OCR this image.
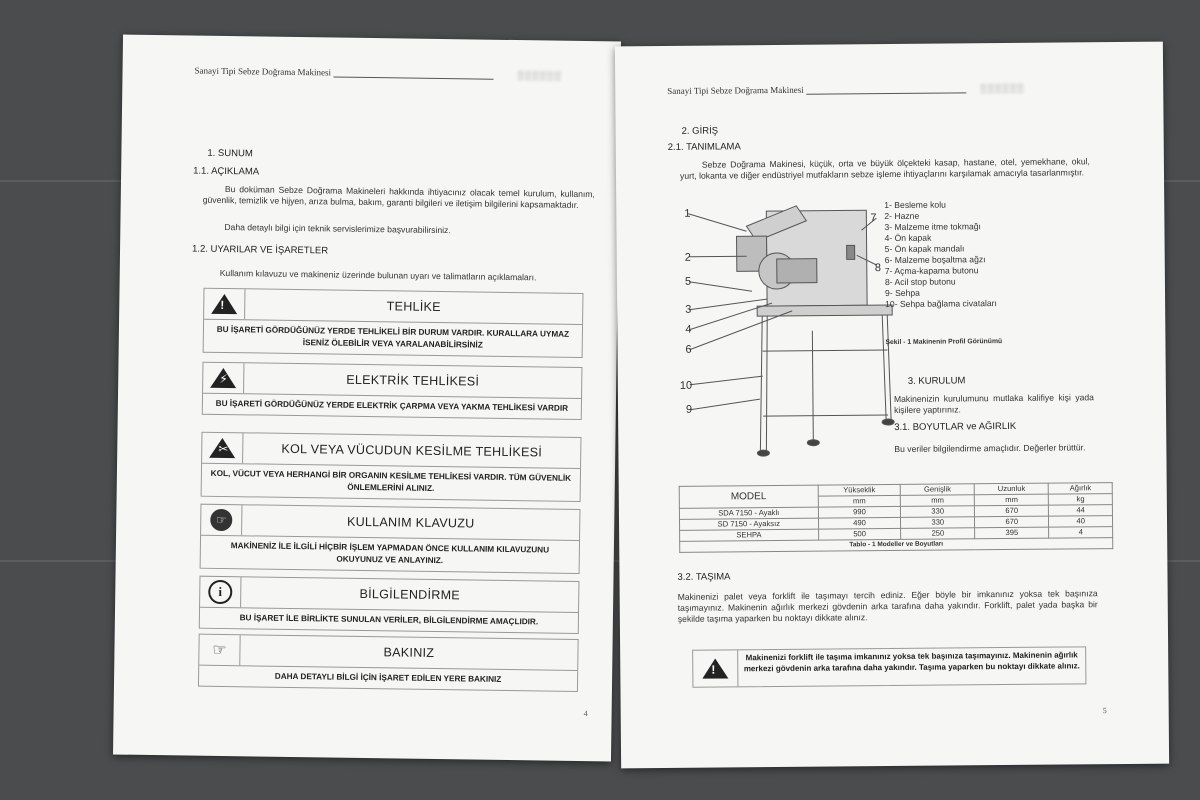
Sanayi Tipi Sebze Doğrama Makinesi	▒▒▒▒▒▒
1. SUNUM
1.1. AÇIKLAMA
Bu doküman Sebze Doğrama Makineleri hakkında ihtiyacınız olacak temel kurulum, kullanım, güvenlik, temizlik ve hijyen, arıza bulma, bakım, garanti bilgileri ve iletişim bilgilerini kapsamaktadır.
Daha detaylı bilgi için teknik servislerimize başvurabilirsiniz.
1.2. UYARILAR VE İŞARETLER
Kullanım kılavuzu ve makineniz üzerinde bulunan uyarı ve talimatların açıklamaları.
!	TEHLİKE
BU İŞARETİ GÖRDÜĞÜNÜZ YERDE TEHLİKELİ BİR DURUM VARDIR. KURALLARA UYMAZ İSENİZ ÖLEBİLİR VEYA YARALANABİLİRSİNİZ
⚡	ELEKTRİK TEHLİKESİ
BU İŞARETİ GÖRDÜĞÜNÜZ YERDE ELEKTRİK ÇARPMA VEYA YAKMA TEHLİKESİ VARDIR
✂	KOL VEYA VÜCUDUN KESİLME TEHLİKESİ
KOL, VÜCUT VEYA HERHANGİ BİR ORGANIN KESİLME TEHLİKESİ VARDIR. TÜM GÜVENLİK ÖNLEMLERİNİ ALINIZ.
☞	KULLANIM KLAVUZU
MAKİNENİZ İLE İLGİLİ HİÇBİR İŞLEM YAPMADAN ÖNCE KULLANIM KILAVUZUNU OKUYUNUZ VE ANLAYINIZ.
i	BİLGİLENDİRME
BU İŞARET İLE BİRLİKTE SUNULAN VERİLER, BİLGİLENDİRME AMAÇLIDIR.
☞	BAKINIZ
DAHA DETAYLI BİLGİ İÇİN İŞARET EDİLEN YERE BAKINIZ
4
Sanayi Tipi Sebze Doğrama Makinesi	▒▒▒▒▒▒
2. GİRİŞ
2.1. TANIMLAMA
Sebze Doğrama Makinesi, küçük, orta ve büyük ölçekteki kasap, hastane, otel, yemekhane, okul, yurt, lokanta ve diğer endüstriyel mutfakların sebze işleme ihtiyaçlarını karşılamak amacıyla tasarlanmıştır.
1
2
5
3
4
6
10
9
7
8
1- Besleme kolu
2- Hazne
3- Malzeme itme tokmağı
4- Ön kapak
5- Ön kapak mandalı
6- Malzeme boşaltma ağzı
7- Açma-kapama butonu
8- Acil stop butonu
9- Sehpa
10- Sehpa bağlama civataları
Şekil - 1 Makinenin Profil Görünümü
3. KURULUM
Makinenizin kurulumunu mutlaka kalifiye kişi yada kişilere yaptırınız.
3.1. BOYUTLAR ve AĞIRLIK
Bu veriler bilgilendirme amaçlıdır. Değerler brüttür.
MODEL	Yükseklik	Genişlik	Uzunluk	Ağırlık
	mm	mm	mm	kg
SDA 7150 - Ayaklı	990	330	670	44
SD 7150 - Ayaksız	490	330	670	40
SEHPA	500	250	395	4
Tablo - 1 Modeller ve Boyutları				
3.2. TAŞIMA
Makinenizi palet veya forklift ile taşımayı tercih ediniz. Eğer böyle bir imkanınız yoksa tek başınıza taşımayınız. Makinenin ağırlık merkezi gövdenin arka tarafına daha yakındır. Forklift, palet yada başka bir şekilde taşıma yaparken bu noktayı dikkate alınız.
!
Makinenizi forklift ile taşıma imkanınız yoksa tek başınıza taşımayınız. Makinenin ağırlık merkezi gövdenin arka tarafına daha yakındır. Taşıma yaparken bu noktayı dikkate alınız.
5
